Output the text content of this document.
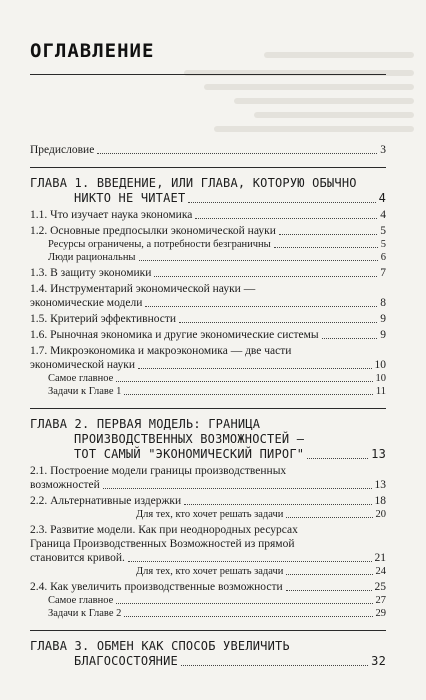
ОГЛАВЛЕНИЕ
Предисловие	3
ГЛАВА 1. ВВЕДЕНИЕ, ИЛИ ГЛАВА, КОТОРУЮ ОБЫЧНО
НИКТО НЕ ЧИТАЕТ	4
1.1. Что изучает наука экономика	4
1.2. Основные предпосылки экономической науки	5
Ресурсы ограничены, а потребности безграничны	5
Люди рациональны	6
1.3. В защиту экономики	7
1.4. Инструментарий экономической науки —
экономические модели	8
1.5. Критерий эффективности	9
1.6. Рыночная экономика и другие экономические системы	9
1.7. Микроэкономика и макроэкономика — две части
экономической науки	10
Самое главное	10
Задачи к Главе 1	11
ГЛАВА 2. ПЕРВАЯ МОДЕЛЬ: ГРАНИЦА
ПРОИЗВОДСТВЕННЫХ ВОЗМОЖНОСТЕЙ —
ТОТ САМЫЙ "ЭКОНОМИЧЕСКИЙ ПИРОГ"	13
2.1. Построение модели границы производственных
возможностей	13
2.2. Альтернативные издержки	18
Для тех, кто хочет решать задачи	20
2.3. Развитие модели. Как при неоднородных ресурсах
Граница Производственных Возможностей из прямой
становится кривой.	21
Для тех, кто хочет решать задачи	24
2.4. Как увеличить производственные возможности	25
Самое главное	27
Задачи к Главе 2	29
ГЛАВА 3. ОБМЕН КАК СПОСОБ УВЕЛИЧИТЬ
БЛАГОСОСТОЯНИЕ	32
